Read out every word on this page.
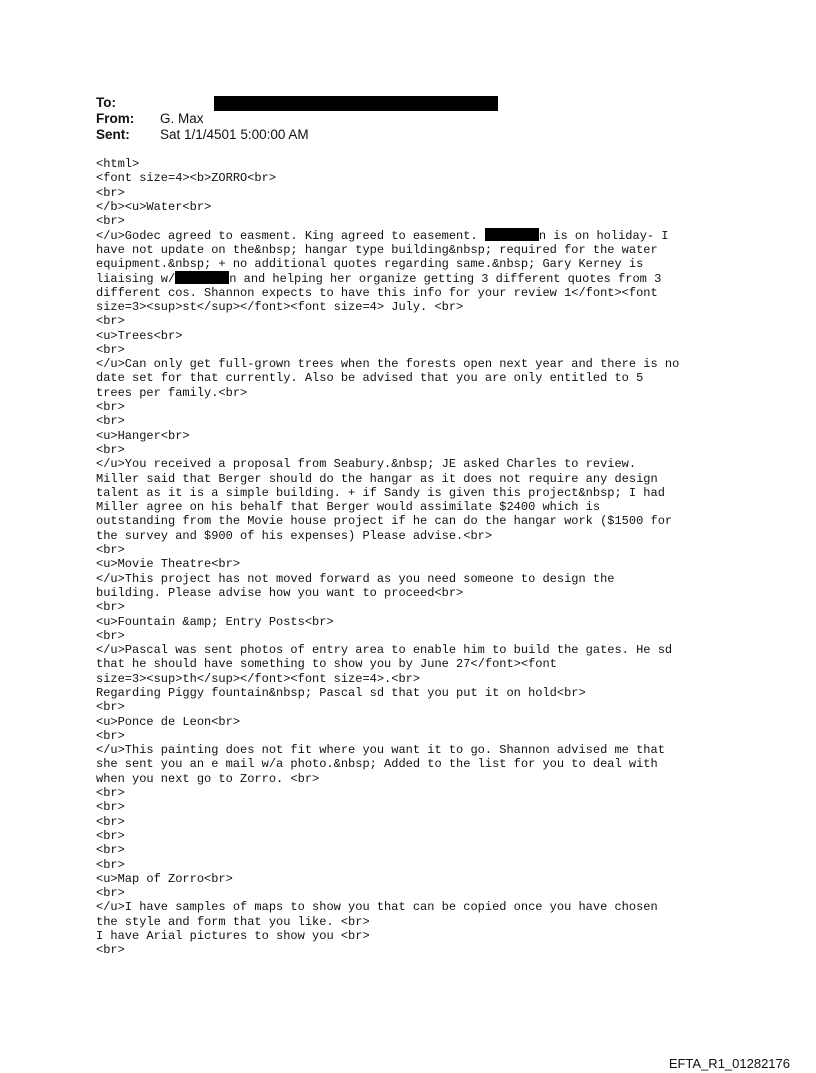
To:
From:	G. Max
Sent:	Sat 1/1/4501 5:00:00 AM
<html>
<font size=4><b>ZORRO<br>
<br>
</b><u>Water<br>
<br>
</u>Godec agreed to easment. King agreed to easement.	n is on holiday- I
have not update on the&nbsp; hangar type building&nbsp; required for the water
equipment.&nbsp; + no additional quotes regarding same.&nbsp; Gary Kerney is
liaising w/	n and helping her organize getting 3 different quotes from 3
different cos. Shannon expects to have this info for your review 1</font><font
size=3><sup>st</sup></font><font size=4> July. <br>
<br>
<u>Trees<br>
<br>
</u>Can only get full-grown trees when the forests open next year and there is no
date set for that currently. Also be advised that you are only entitled to 5
trees per family.<br>
<br>
<br>
<u>Hanger<br>
<br>
</u>You received a proposal from Seabury.&nbsp; JE asked Charles to review.
Miller said that Berger should do the hangar as it does not require any design
talent as it is a simple building. + if Sandy is given this project&nbsp; I had
Miller agree on his behalf that Berger would assimilate $2400 which is
outstanding from the Movie house project if he can do the hangar work ($1500 for
the survey and $900 of his expenses) Please advise.<br>
<br>
<u>Movie Theatre<br>
</u>This project has not moved forward as you need someone to design the
building. Please advise how you want to proceed<br>
<br>
<u>Fountain &amp; Entry Posts<br>
<br>
</u>Pascal was sent photos of entry area to enable him to build the gates. He sd
that he should have something to show you by June 27</font><font
size=3><sup>th</sup></font><font size=4>.<br>
Regarding Piggy fountain&nbsp; Pascal sd that you put it on hold<br>
<br>
<u>Ponce de Leon<br>
<br>
</u>This painting does not fit where you want it to go. Shannon advised me that
she sent you an e mail w/a photo.&nbsp; Added to the list for you to deal with
when you next go to Zorro. <br>
<br>
<br>
<br>
<br>
<br>
<br>
<u>Map of Zorro<br>
<br>
</u>I have samples of maps to show you that can be copied once you have chosen
the style and form that you like. <br>
I have Arial pictures to show you <br>
<br>
EFTA_R1_01282176
